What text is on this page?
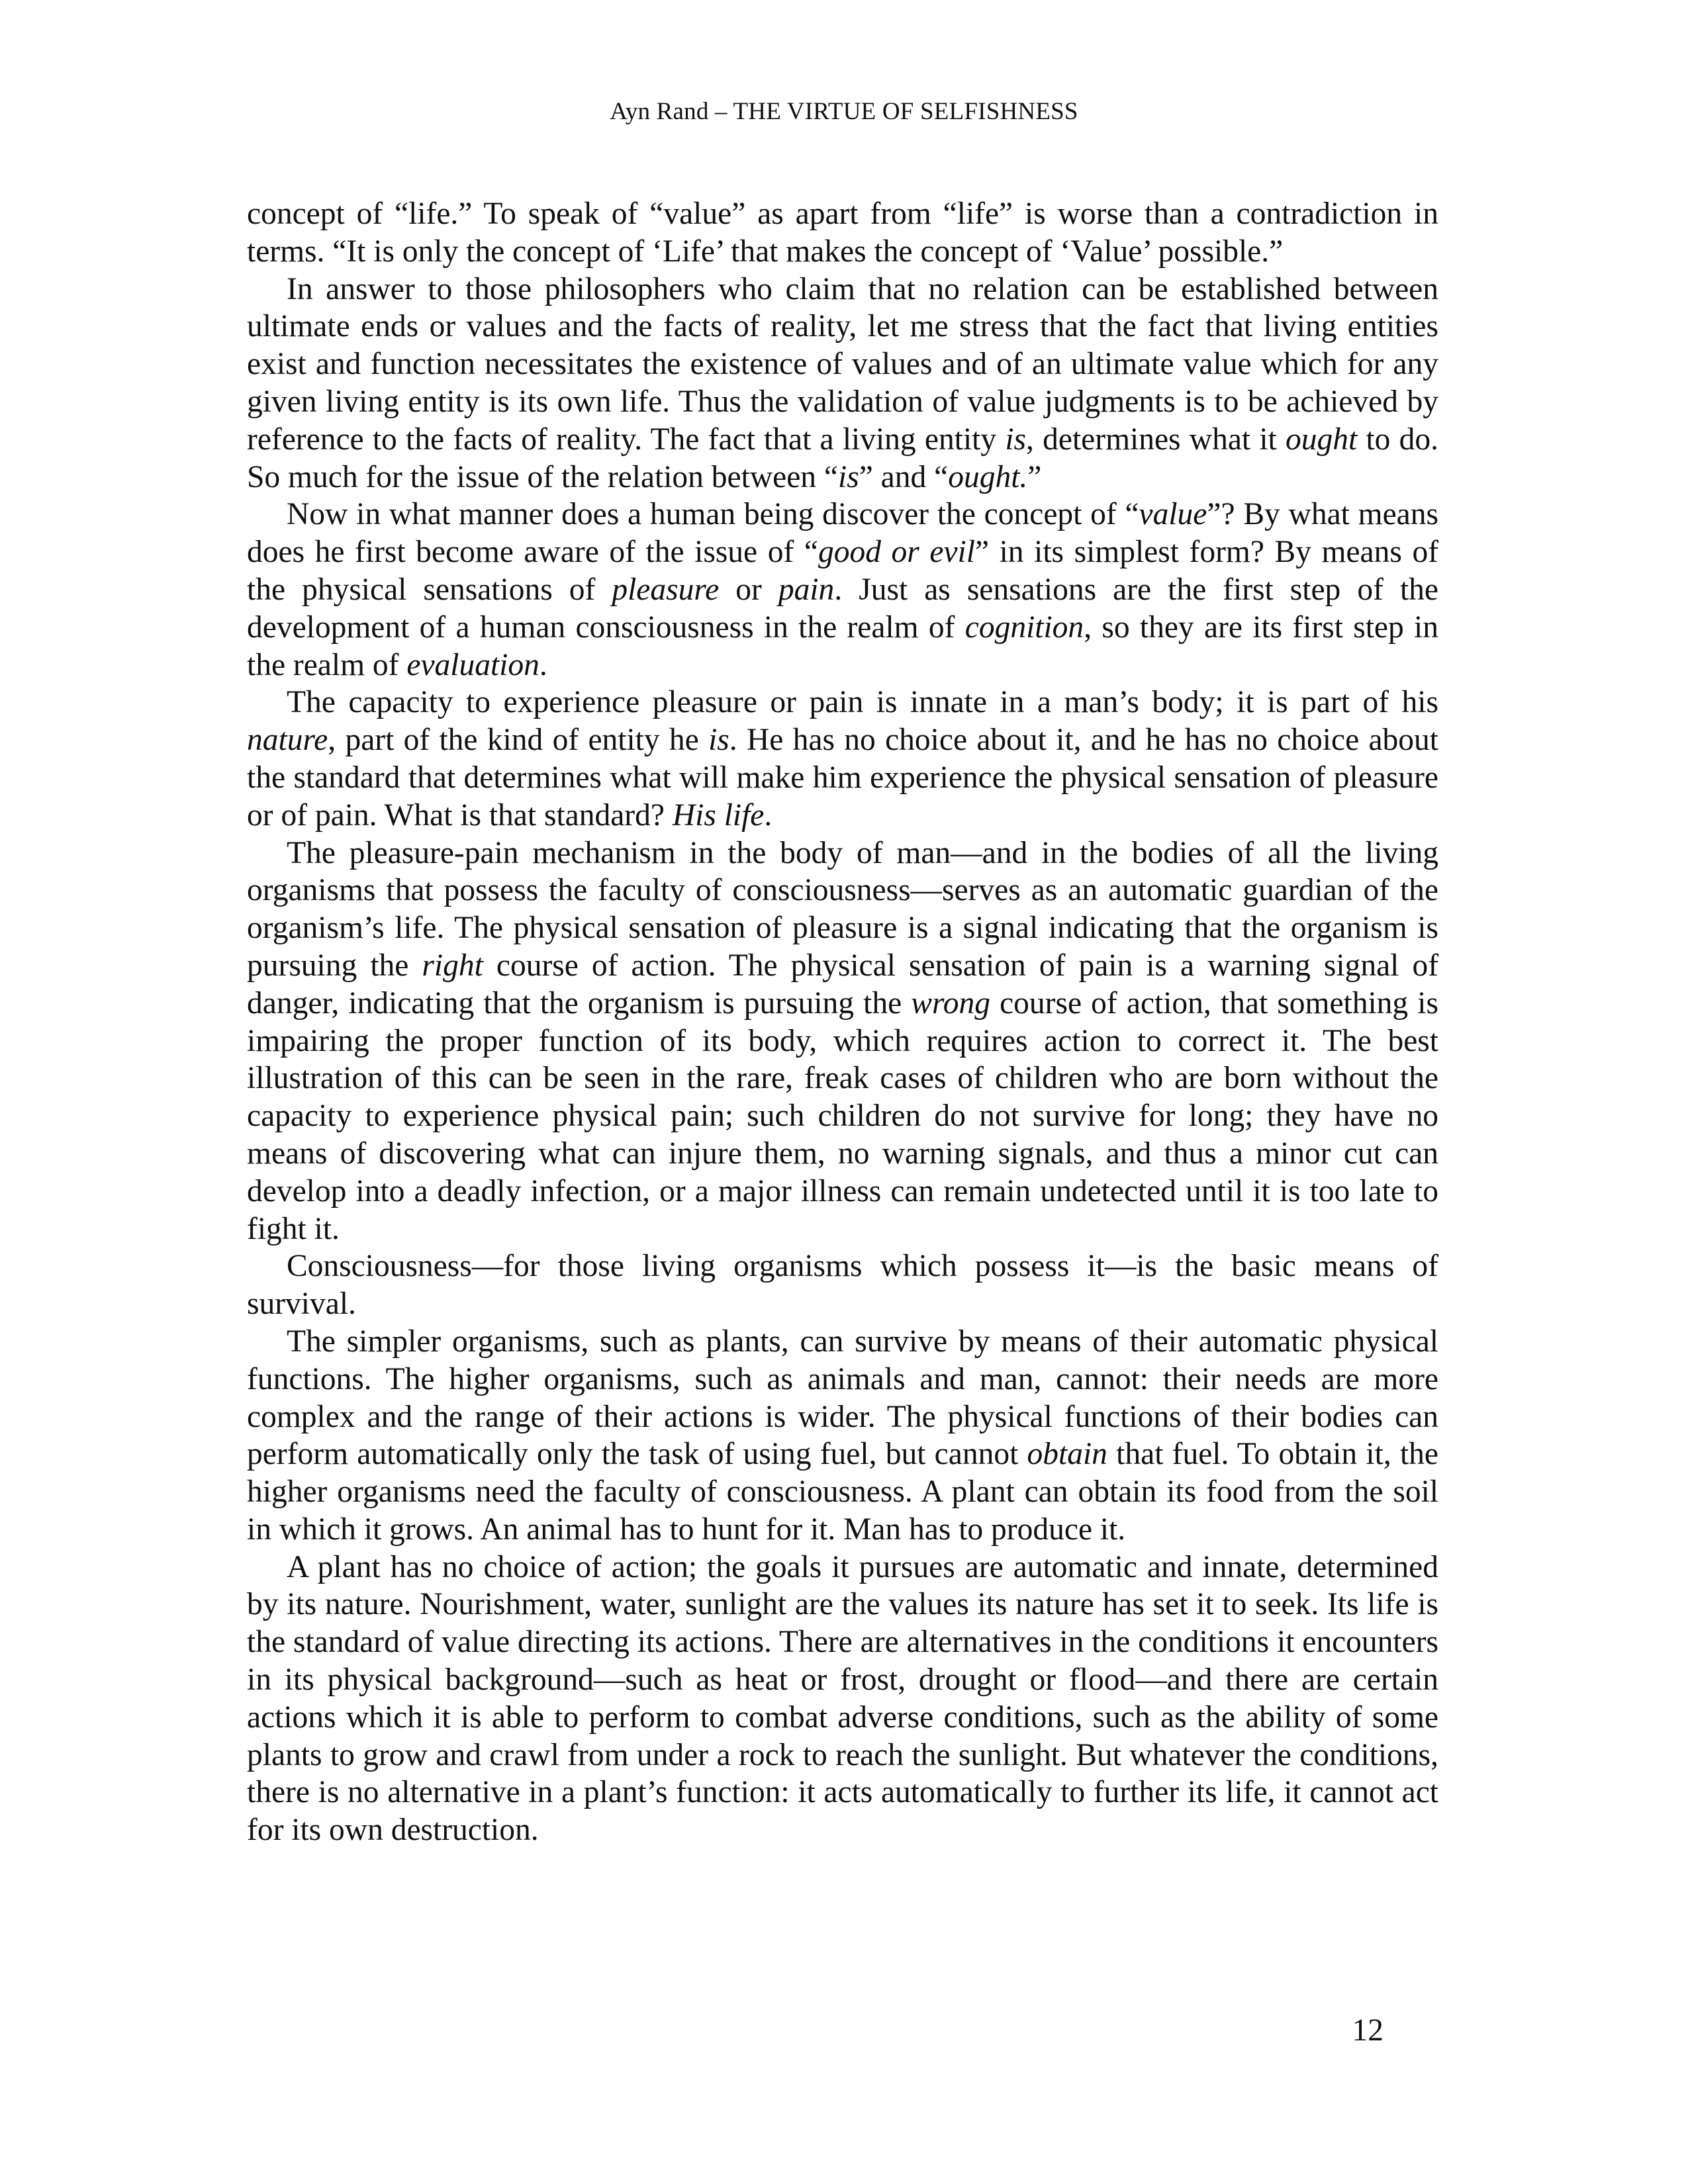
Ayn Rand – THE VIRTUE OF SELFISHNESS

concept of “life.” To speak of “value” as apart from “life” is worse than a contradiction in terms. “It is only the concept of ‘Life’ that makes the concept of ‘Value’ possible.”

In answer to those philosophers who claim that no relation can be established between ultimate ends or values and the facts of reality, let me stress that the fact that living entities exist and function necessitates the existence of values and of an ultimate value which for any given living entity is its own life. Thus the validation of value judgments is to be achieved by reference to the facts of reality. The fact that a living entity is, determines what it ought to do. So much for the issue of the relation between “is” and “ought.”

Now in what manner does a human being discover the concept of “value”? By what means does he first become aware of the issue of “good or evil” in its simplest form? By means of the physical sensations of pleasure or pain. Just as sensations are the first step of the development of a human consciousness in the realm of cognition, so they are its first step in the realm of evaluation.

The capacity to experience pleasure or pain is innate in a man’s body; it is part of his nature, part of the kind of entity he is. He has no choice about it, and he has no choice about the standard that determines what will make him experience the physical sensation of pleasure or of pain. What is that standard? His life.

The pleasure-pain mechanism in the body of man—and in the bodies of all the living organisms that possess the faculty of consciousness—serves as an automatic guardian of the organism’s life. The physical sensation of pleasure is a signal indicating that the organism is pursuing the right course of action. The physical sensation of pain is a warning signal of danger, indicating that the organism is pursuing the wrong course of action, that something is impairing the proper function of its body, which requires action to correct it. The best illustration of this can be seen in the rare, freak cases of children who are born without the capacity to experience physical pain; such children do not survive for long; they have no means of discovering what can injure them, no warning signals, and thus a minor cut can develop into a deadly infection, or a major illness can remain undetected until it is too late to fight it.

Consciousness—for those living organisms which possess it—is the basic means of survival.

The simpler organisms, such as plants, can survive by means of their automatic physical functions. The higher organisms, such as animals and man, cannot: their needs are more complex and the range of their actions is wider. The physical functions of their bodies can perform automatically only the task of using fuel, but cannot obtain that fuel. To obtain it, the higher organisms need the faculty of consciousness. A plant can obtain its food from the soil in which it grows. An animal has to hunt for it. Man has to produce it.

A plant has no choice of action; the goals it pursues are automatic and innate, determined by its nature. Nourishment, water, sunlight are the values its nature has set it to seek. Its life is the standard of value directing its actions. There are alternatives in the conditions it encounters in its physical background—such as heat or frost, drought or flood—and there are certain actions which it is able to perform to combat adverse conditions, such as the ability of some plants to grow and crawl from under a rock to reach the sunlight. But whatever the conditions, there is no alternative in a plant’s function: it acts automatically to further its life, it cannot act for its own destruction.

12
